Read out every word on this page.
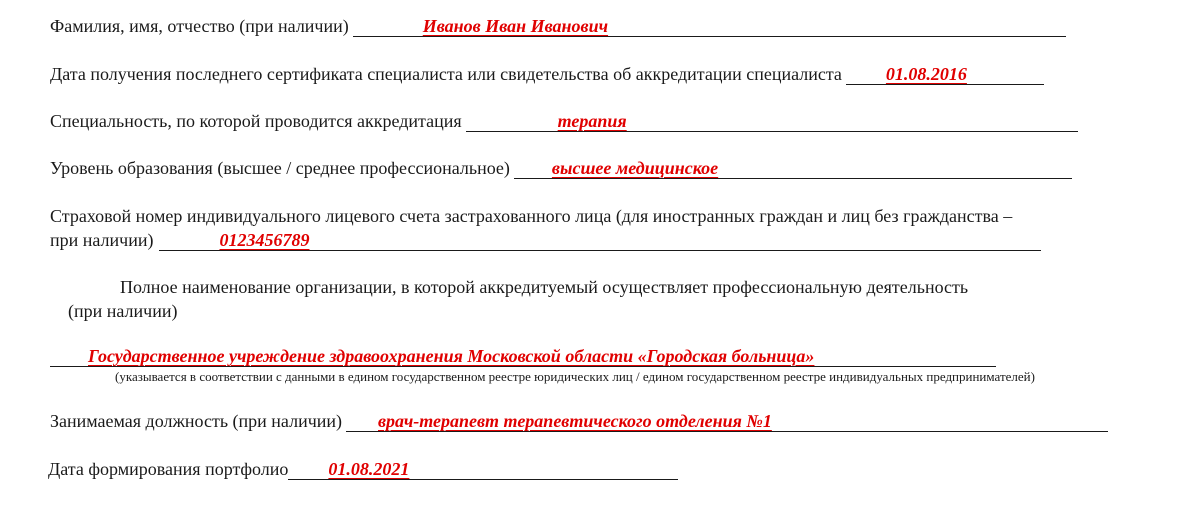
Фамилия, имя, отчество (при наличии)	Иванов Иван Иванович
Дата получения последнего сертификата специалиста или свидетельства об аккредитации специалиста 01.08.2016
Специальность, по которой проводится аккредитация	терапия
Уровень образования (высшее / среднее профессиональное) высшее медицинское
Страховой номер индивидуального лицевого счета застрахованного лица (для иностранных граждан и лиц без гражданства –
при наличии)	0123456789
Полное наименование организации, в которой аккредитуемый осуществляет профессиональную деятельность
(при наличии)
Государственное учреждение здравоохранения Московской области «Городская больница»
(указывается в соответствии с данными в едином государственном реестре юридических лиц / едином государственном реестре индивидуальных предпринимателей)
Занимаемая должность (при наличии) врач-терапевт терапевтического отделения №1
Дата формирования портфолио 01.08.2021
